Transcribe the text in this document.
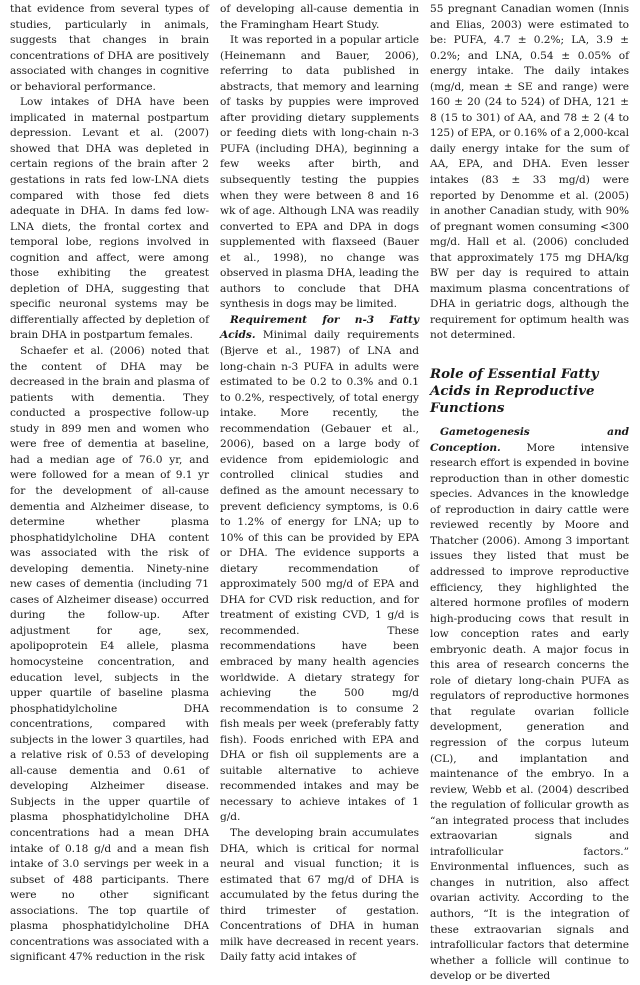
that evidence from several types of studies, particularly in animals, suggests that changes in brain concentrations of DHA are positively associated with changes in cognitive or behavioral performance.

Low intakes of DHA have been implicated in maternal postpartum depression. Levant et al. (2007) showed that DHA was depleted in certain regions of the brain after 2 gestations in rats fed low-LNA diets compared with those fed diets adequate in DHA. In dams fed low-LNA diets, the frontal cortex and temporal lobe, regions involved in cognition and affect, were among those exhibiting the greatest depletion of DHA, suggesting that specific neuronal systems may be differentially affected by depletion of brain DHA in postpartum females.

Schaefer et al. (2006) noted that the content of DHA may be decreased in the brain and plasma of patients with dementia. They conducted a prospective follow-up study in 899 men and women who were free of dementia at baseline, had a median age of 76.0 yr, and were followed for a mean of 9.1 yr for the development of all-cause dementia and Alzheimer disease, to determine whether plasma phosphatidylcholine DHA content was associated with the risk of developing dementia. Ninety-nine new cases of dementia (including 71 cases of Alzheimer disease) occurred during the follow-up. After adjustment for age, sex, apolipoprotein E4 allele, plasma homocysteine concentration, and education level, subjects in the upper quartile of baseline plasma phosphatidylcholine DHA concentrations, compared with subjects in the lower 3 quartiles, had a relative risk of 0.53 of developing all-cause dementia and 0.61 of developing Alzheimer disease. Subjects in the upper quartile of plasma phosphatidylcholine DHA concentrations had a mean DHA intake of 0.18 g/d and a mean fish intake of 3.0 servings per week in a subset of 488 participants. There were no other significant associations. The top quartile of plasma phosphatidylcholine DHA concentrations was associated with a significant 47% reduction in the risk

of developing all-cause dementia in the Framingham Heart Study.

It was reported in a popular article (Heinemann and Bauer, 2006), referring to data published in abstracts, that memory and learning of tasks by puppies were improved after providing dietary supplements or feeding diets with long-chain n-3 PUFA (including DHA), beginning a few weeks after birth, and subsequently testing the puppies when they were between 8 and 16 wk of age. Although LNA was readily converted to EPA and DPA in dogs supplemented with flaxseed (Bauer et al., 1998), no change was observed in plasma DHA, leading the authors to conclude that DHA synthesis in dogs may be limited.

Requirement for n-3 Fatty Acids. Minimal daily requirements (Bjerve et al., 1987) of LNA and long-chain n-3 PUFA in adults were estimated to be 0.2 to 0.3% and 0.1 to 0.2%, respectively, of total energy intake. More recently, the recommendation (Gebauer et al., 2006), based on a large body of evidence from epidemiologic and controlled clinical studies and defined as the amount necessary to prevent deficiency symptoms, is 0.6 to 1.2% of energy for LNA; up to 10% of this can be provided by EPA or DHA. The evidence supports a dietary recommendation of approximately 500 mg/d of EPA and DHA for CVD risk reduction, and for treatment of existing CVD, 1 g/d is recommended. These recommendations have been embraced by many health agencies worldwide. A dietary strategy for achieving the 500 mg/d recommendation is to consume 2 fish meals per week (preferably fatty fish). Foods enriched with EPA and DHA or fish oil supplements are a suitable alternative to achieve recommended intakes and may be necessary to achieve intakes of 1 g/d.

The developing brain accumulates DHA, which is critical for normal neural and visual function; it is estimated that 67 mg/d of DHA is accumulated by the fetus during the third trimester of gestation. Concentrations of DHA in human milk have decreased in recent years. Daily fatty acid intakes of

55 pregnant Canadian women (Innis and Elias, 2003) were estimated to be: PUFA, 4.7 ± 0.2%; LA, 3.9 ± 0.2%; and LNA, 0.54 ± 0.05% of energy intake. The daily intakes (mg/d, mean ± SE and range) were 160 ± 20 (24 to 524) of DHA, 121 ± 8 (15 to 301) of AA, and 78 ± 2 (4 to 125) of EPA, or 0.16% of a 2,000-kcal daily energy intake for the sum of AA, EPA, and DHA. Even lesser intakes (83 ± 33 mg/d) were reported by Denomme et al. (2005) in another Canadian study, with 90% of pregnant women consuming <300 mg/d. Hall et al. (2006) concluded that approximately 175 mg DHA/kg BW per day is required to attain maximum plasma concentrations of DHA in geriatric dogs, although the requirement for optimum health was not determined.

Role of Essential Fatty Acids in Reproductive Functions

Gametogenesis and Conception. More intensive research effort is expended in bovine reproduction than in other domestic species. Advances in the knowledge of reproduction in dairy cattle were reviewed recently by Moore and Thatcher (2006). Among 3 important issues they listed that must be addressed to improve reproductive efficiency, they highlighted the altered hormone profiles of modern high-producing cows that result in low conception rates and early embryonic death. A major focus in this area of research concerns the role of dietary long-chain PUFA as regulators of reproductive hormones that regulate ovarian follicle development, generation and regression of the corpus luteum (CL), and implantation and maintenance of the embryo. In a review, Webb et al. (2004) described the regulation of follicular growth as “an integrated process that includes extraovarian signals and intrafollicular factors.” Environmental influences, such as changes in nutrition, also affect ovarian activity. According to the authors, “It is the integration of these extraovarian signals and intrafollicular factors that determine whether a follicle will continue to develop or be diverted
